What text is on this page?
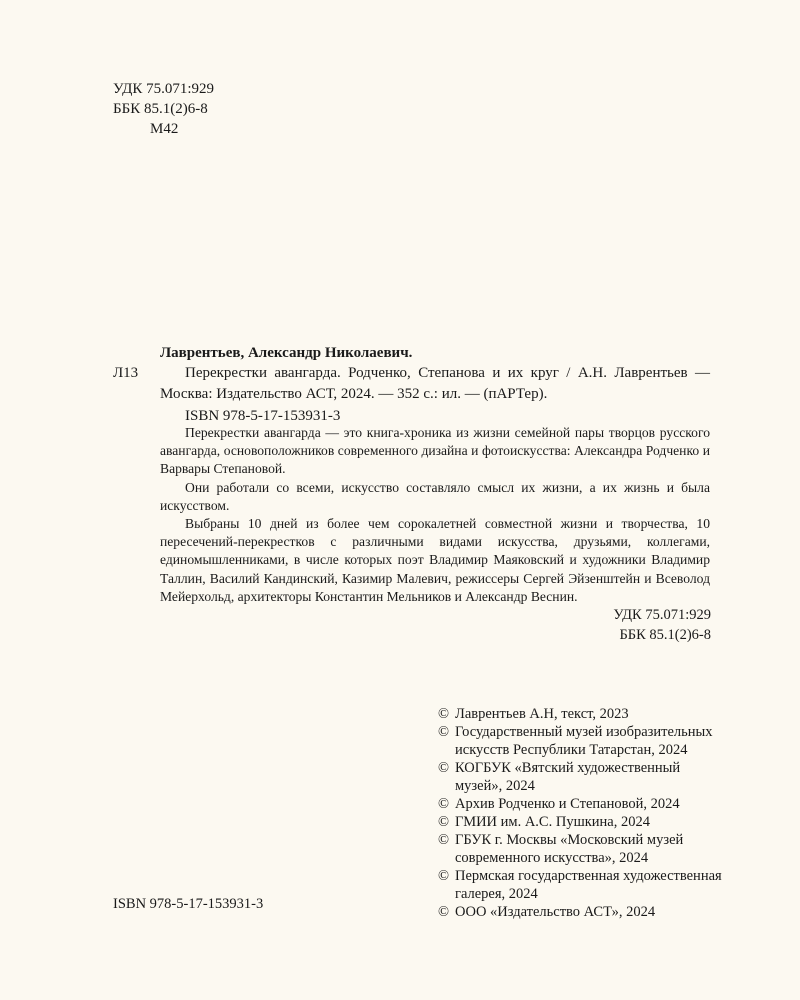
УДК 75.071:929
ББК 85.1(2)6-8
М42
Лаврентьев, Александр Николаевич.
Л13	Перекрестки авангарда. Родченко, Степанова и их круг / А.Н. Лаврентьев — Москва: Издательство АСТ, 2024. — 352 с.: ил. — (пАРТер).

ISBN 978-5-17-153931-3

Перекрестки авангарда — это книга-хроника из жизни семейной пары творцов русского авангарда, основоположников современного дизайна и фотоискусства: Александра Родченко и Варвары Степановой.

Они работали со всеми, искусство составляло смысл их жизни, а их жизнь и была искусством.

Выбраны 10 дней из более чем сорокалетней совместной жизни и творчества, 10 пересечений-перекрестков с различными видами искусства, друзьями, коллегами, единомышленниками, в числе которых поэт Владимир Маяковский и художники Владимир Таллин, Василий Кандинский, Казимир Малевич, режиссеры Сергей Эйзенштейн и Всеволод Мейерхольд, архитекторы Константин Мельников и Александр Веснин.

УДК 75.071:929
ББК 85.1(2)6-8
ISBN 978-5-17-153931-3
© Лаврентьев А.Н, текст, 2023
© Государственный музей изобразительных искусств Республики Татарстан, 2024
© КОГБУК «Вятский художественный музей», 2024
© Архив Родченко и Степановой, 2024
© ГМИИ им. А.С. Пушкина, 2024
© ГБУК г. Москвы «Московский музей современного искусства», 2024
© Пермская государственная художественная галерея, 2024
© ООО «Издательство АСТ», 2024
